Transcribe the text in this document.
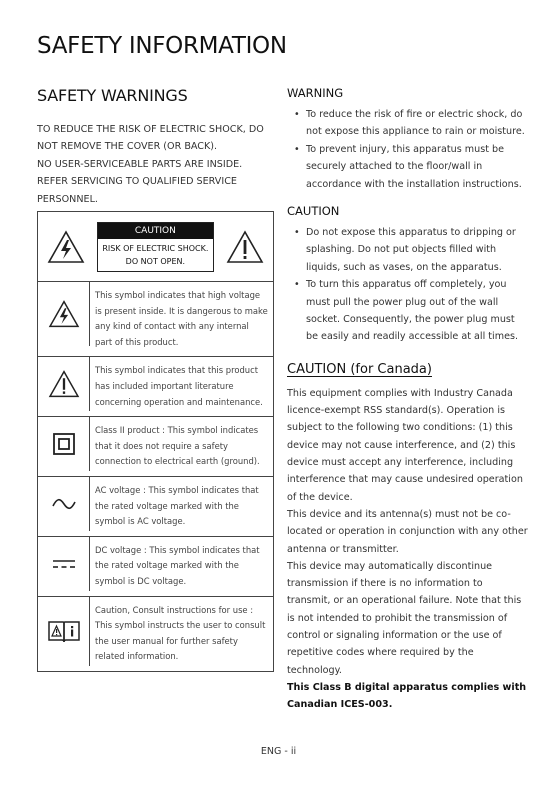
SAFETY INFORMATION
SAFETY WARNINGS

TO REDUCE THE RISK OF ELECTRIC SHOCK, DO
NOT REMOVE THE COVER (OR BACK).
NO USER-SERVICEABLE PARTS ARE INSIDE.
REFER SERVICING TO QUALIFIED SERVICE
PERSONNEL.

CAUTION
RISK OF ELECTRIC SHOCK.
DO NOT OPEN.

This symbol indicates that high voltage
is present inside. It is dangerous to make
any kind of contact with any internal
part of this product.

This symbol indicates that this product
has included important literature
concerning operation and maintenance.

Class II product : This symbol indicates
that it does not require a safety
connection to electrical earth (ground).

AC voltage : This symbol indicates that
the rated voltage marked with the
symbol is AC voltage.

DC voltage : This symbol indicates that
the rated voltage marked with the
symbol is DC voltage.

Caution, Consult instructions for use :
This symbol instructs the user to consult
the user manual for further safety
related information.
WARNING
• To reduce the risk of fire or electric shock, do
not expose this appliance to rain or moisture.
• To prevent injury, this apparatus must be
securely attached to the floor/wall in
accordance with the installation instructions.
CAUTION
• Do not expose this apparatus to dripping or
splashing. Do not put objects filled with
liquids, such as vases, on the apparatus.
• To turn this apparatus off completely, you
must pull the power plug out of the wall
socket. Consequently, the power plug must
be easily and readily accessible at all times.
CAUTION (for Canada)

This equipment complies with Industry Canada
licence-exempt RSS standard(s). Operation is
subject to the following two conditions: (1) this
device may not cause interference, and (2) this
device must accept any interference, including
interference that may cause undesired operation
of the device.
This device and its antenna(s) must not be co-
located or operation in conjunction with any other
antenna or transmitter.
This device may automatically discontinue
transmission if there is no information to
transmit, or an operational failure. Note that this
is not intended to prohibit the transmission of
control or signaling information or the use of
repetitive codes where required by the
technology.

This Class B digital apparatus complies with
Canadian ICES-003.

ENG - ii
